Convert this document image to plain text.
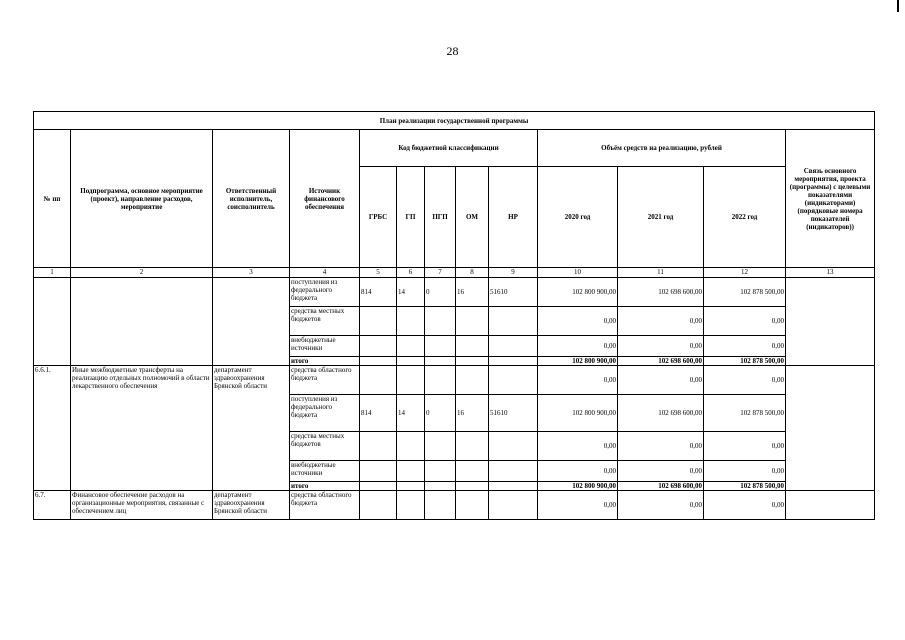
28
План реализации государственной программы												
№ пп	Подпрограмма, основное мероприятие (проект), направление расходов, мероприятие	Ответственный исполнитель, соисполнитель	Источник финансового обеспечения	Код бюджетной классификации					Объём средств на реализацию, рублей			Связь основного мероприятия, проекта (программы) с целевыми показателями (индикаторами) (порядковые номера показателей (индикаторов))
				ГРБС	ГП	ПГП	ОМ	НР	2020 год	2021 год	2022 год	
1	2	3	4	5	6	7	8	9	10	11	12	13
			поступления из федерального бюджета	814	14	0	16	51610	102 800 900,00	102 698 600,00	102 878 500,00	
			средства местных бюджетов						0,00	0,00	0,00	
			внебюджетные источники						0,00	0,00	0,00	
			итого						102 800 900,00	102 698 600,00	102 878 500,00	
6.6.1.	Иные межбюджетные трансферты на реализацию отдельных полномочий в области лекарственного обеспечения	департамент здравоохранения Брянской области	средства областного бюджета						0,00	0,00	0,00	
			поступления из федерального бюджета	814	14	0	16	51610	102 800 900,00	102 698 600,00	102 878 500,00	
			средства местных бюджетов						0,00	0,00	0,00	
			внебюджетные источники						0,00	0,00	0,00	
			итого						102 800 900,00	102 698 600,00	102 878 500,00	
6.7.	Финансовое обеспечение расходов на организационные мероприятия, связанные с обеспечением лиц	департамент здравоохранения Брянской области	средства областного бюджета						0,00	0,00	0,00	
